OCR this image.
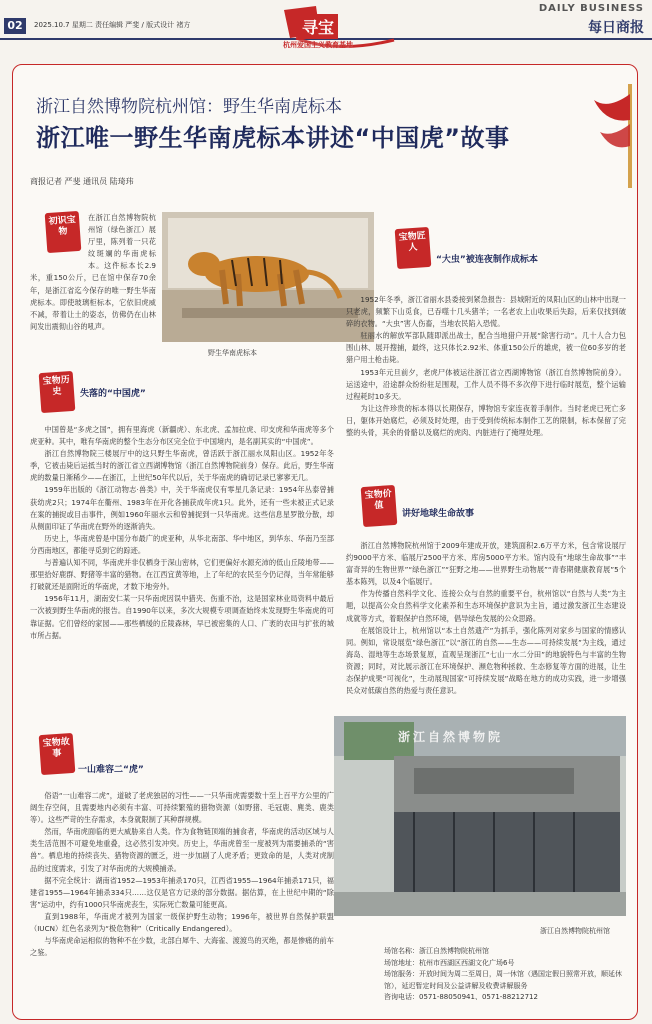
02	2025.10.7 星期二 责任编辑 严斐 / 版式设计 褚方
DAILY BUSINESS
每日商报
寻宝
杭州爱国主义教育基地
浙江自然博物院杭州馆：野生华南虎标本
浙江唯一野生华南虎标本讲述“中国虎”故事
商报记者 严斐 通讯员 陆琦玮
初识宝物
在浙江自然博物院杭州馆（绿色浙江）展厅里，陈列着一只花纹斑斓的华南虎标本。这件标本长2.9米，重150公斤，已在馆中保存70余年，是浙江省迄今保存的唯一野生华南虎标本。即使玻璃柜标本，它依旧虎威不减，带着让土的姿态，仿佛仍在山林间发出震彻山谷的吼声。
野生华南虎标本
宝物历史	失落的“中国虎”

中国曾是“多虎之国”，拥有里海虎（新疆虎）、东北虎、孟加拉虎、印支虎和华南虎等多个虎亚种。其中，唯有华南虎的整个生态分布区完全位于中国境内，是名副其实的“中国虎”。

浙江自然博物院三楼展厅中的这只野生华南虎，曾活跃于浙江丽水凤阳山区。1952年冬季，它被击毙后运抵当时的浙江省立西湖博物馆（浙江自然博物院前身）保存。此后，野生华南虎的数量日渐稀少——在浙江，上世纪50年代以后，关于华南虎的确切记录已寥寥无几。

1959年出版的《浙江动物志·兽类》中，关于华南虎仅有零星几条记录：1954年丛泰曾捕获幼虎2只；1974年在衢州、1983年在开化各捕获成年虎1只。此外，还有一些未被正式记录在案的捕捉或目击事件，例如1960年丽水云和曾捕捉到一只华南虎。这些信息星罗散分散，却从侧面印证了华南虎在野外的逐渐消失。

历史上，华南虎曾是中国分布最广的虎亚种，从华北南部、华中地区，到华东、华南乃至部分西南地区，都能寻觅到它的踪迹。

与普遍认知不同，华南虎并非仅栖身于深山密林，它们更偏好水源充沛的低山丘陵地带——那里拾好鹿群、野猪等丰富的猎物。在江西宜黄等地，上了年纪的农民至今仍记得，当年常能够打破就还是面附近的华南虎，才数下地旁外。

1956年11月，湖南安仁某一只华南虎因误中猎夹、伤重不治，这是国家林业局资料中最后一次被到野生华南虎的报告。自1990年以来，多次大规模专项调查始终未发现野生华南虎的可靠证据。它们曾经的家园——那些栖缓的丘陵森林，早已被密集的人口、广袤的农田与扩张的城市所占据。

宝物故事
一山难容二“虎”

俗语“一山难容二虎”，道破了老虎独居的习性——一只华南虎需要数十至上百平方公里的广阔生存空间，且需要地内必须有丰富、可持续繁殖的猎物资源（如野猪、毛冠鹿、麂类、鹿类等）。这些严苛的生存需求，本身就限制了其种群规模。

然而，华南虎面临的更大威胁来自人类。作为食物链顶端的捕食者，华南虎的活动区域与人类生活范围不可避免地重叠，这必然引发冲突。历史上，华南虎曾至一度被列为需要捕杀的“害兽”。栖息地的持续丧失、猎物资源的匮乏，进一步加剧了人虎矛盾；更致命的是，人类对虎制品的过度需求，引发了对华南虎的大规模捕杀。

据不完全统计：湖南省1952—1953年捕杀170只，江西省1955—1964年捕杀171只，福建省1955—1964年捕杀334只……这仅是官方记录的部分数据。据估算，在上世纪中期的“除害”运动中，约有1000只华南虎丧生，实际死亡数量可能更高。

直到1988年，华南虎才被列为国家一级保护野生动物；1996年，被世界自然保护联盟（IUCN）红色名录列为“极危物种”（Critically Endangered）。

与华南虎命运相似的物种不在少数，北部白犀牛、大海雀、渡渡鸟的灭绝，都是惨痛的前车之鉴。

宝物匠人
“大虫”被连夜制作成标本

1952年冬季，浙江省丽水县委接到紧急报告：县城附近的凤阳山区的山林中出现一只老虎，频繁下山觅食，已吞噬十几头猪羊；一名老农上山收果后失踪，后来仅找到破碎的衣物。“大虫”害人伤畜，当地农民陷入恐慌。

驻丽水的解放军部队随即派出战士，配合当地猎户开展“除害行动”。几十人合力包围山林、展开搜捕，最终，这只体长2.92米、体重150公斤的雄虎，被一位60多岁的老猎户用土枪击毙。

1953年元旦前夕，老虎尸体被运往浙江省立西湖博物馆（浙江自然博物院前身）。运送途中，沿途群众纷纷驻足围观，工作人员不得不多次停下进行临时展览，整个运输过程耗时10多天。

为让这件珍贵的标本得以长期保存，博物馆专家连夜着手制作。当时老虎已死亡多日，躯体开始腐烂，必须及时处理，由于受到传统标本制作工艺的限制，标本保留了完整的头骨，其余的骨骼以及腐烂的虎肉、内脏进行了掩埋处理。

宝物价值
讲好地球生命故事

浙江自然博物院杭州馆于2009年建成开放，建筑面积2.6万平方米，包含常设展厅约9000平方米、临展厅2500平方米、库房5000平方米。馆内设有“地球生命故事”“丰富奇异的生物世界”“绿色浙江”“狂野之地——世界野生动物展”“青春期健康教育展”5个基本陈列，以及4个临展厅。

作为传播自然科学文化、连接公众与自然的重要平台，杭州馆以“自然与人类”为主题，以提高公众自然科学文化素养和生态环境保护意识为主旨，通过激发浙江生态建设成就等方式，着眼保护自然环境，倡导绿色发展的公众思路。

在展馆设计上，杭州馆以“本土自然遗产”为抓手，强化陈列对家乡与国家的情感认同。例如，常设展览“绿色浙江”以“浙江的自然——生态——可持续发展”为主线，通过海岛、湿地等生态场景复原，直观呈现浙江“七山一水二分田”的地貌特色与丰富的生物资源；同时，对比展示浙江在环境保护、濒危物种拯救、生态修复等方面的进展，让生态保护成果“可视化”，生动展现国家“可持续发展”战略在地方的成功实践，进一步增强民众对低碳自然的热爱与责任意识。

浙江自然博物院
浙江自然博物院杭州馆
场馆名称：浙江自然博物院杭州馆
场馆地址：杭州市西湖区西湖文化广场6号
场馆服务：开放时间为周二至周日，周一休馆（遇国定假日照常开放，顺延休馆），延迟暂定时间及公益讲解及收费讲解服务
咨询电话：0571-88050941、0571-88212712
